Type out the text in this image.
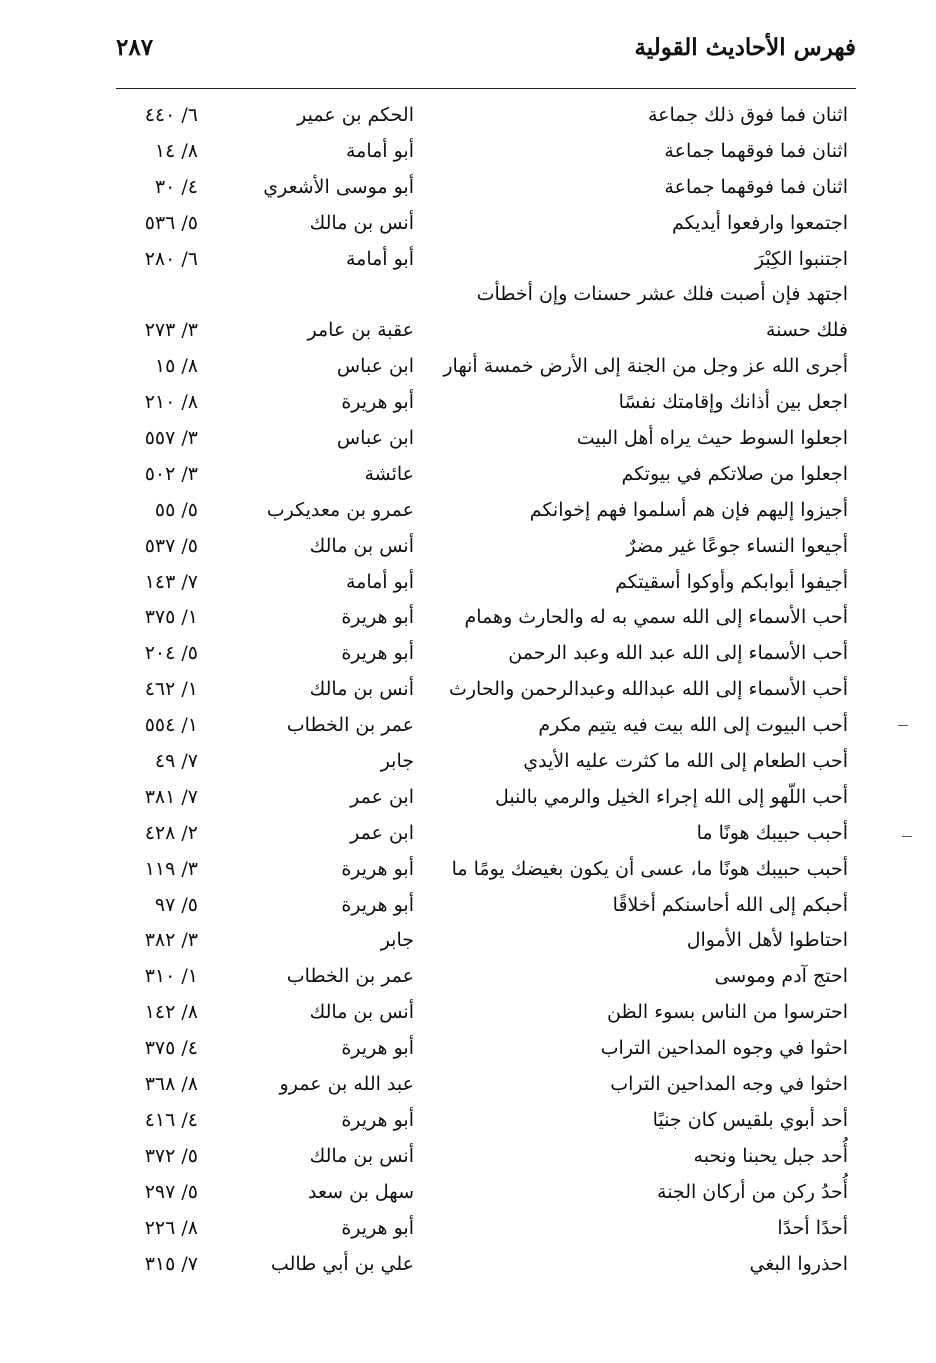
فهرس الأحاديث القولية
٢٨٧
اثنان فما فوق ذلك جماعة
الحكم بن عمير
٦/ ٤٤٠
اثنان فما فوقهما جماعة
أبو أمامة
٨/ ١٤
اثنان فما فوقهما جماعة
أبو موسى الأشعري
٤/ ٣٠
اجتمعوا وارفعوا أيديكم
أنس بن مالك
٥/ ٥٣٦
اجتنبوا الكِبْرَ
أبو أمامة
٦/ ٢٨٠
اجتهد فإن أصبت فلك عشر حسنات وإن أخطأت
فلك حسنة
عقبة بن عامر
٣/ ٢٧٣
أجرى الله عز وجل من الجنة إلى الأرض خمسة أنهار
ابن عباس
٨/ ١٥
اجعل بين أذانك وإقامتك نفسًا
أبو هريرة
٨/ ٢١٠
اجعلوا السوط حيث يراه أهل البيت
ابن عباس
٣/ ٥٥٧
اجعلوا من صلاتكم في بيوتكم
عائشة
٣/ ٥٠٢
أجيزوا إليهم فإن هم أسلموا فهم إخوانكم
عمرو بن معديكرب
٥/ ٥٥
أجيعوا النساء جوعًا غير مضرٌ
أنس بن مالك
٥/ ٥٣٧
أجيفوا أبوابكم وأوكوا أسقيتكم
أبو أمامة
٧/ ١٤٣
أحب الأسماء إلى الله سمي به له والحارث وهمام
أبو هريرة
١/ ٣٧٥
أحب الأسماء إلى الله عبد الله وعبد الرحمن
أبو هريرة
٥/ ٢٠٤
أحب الأسماء إلى الله عبدالله وعبدالرحمن والحارث
أنس بن مالك
١/ ٤٦٢
أحب البيوت إلى الله بيت فيه يتيم مكرم
عمر بن الخطاب
١/ ٥٥٤
أحب الطعام إلى الله ما كثرت عليه الأيدي
جابر
٧/ ٤٩
أحب اللّهو إلى الله إجراء الخيل والرمي بالنبل
ابن عمر
٧/ ٣٨١
أحبب حبيبك هونًا ما
ابن عمر
٢/ ٤٢٨
أحبب حبيبك هونًا ما، عسى أن يكون بغيضك يومًا ما
أبو هريرة
٣/ ١١٩
أحبكم إلى الله أحاسنكم أخلاقًا
أبو هريرة
٥/ ٩٧
احتاطوا لأهل الأموال
جابر
٣/ ٣٨٢
احتج آدم وموسى
عمر بن الخطاب
١/ ٣١٠
احترسوا من الناس بسوء الظن
أنس بن مالك
٨/ ١٤٢
احثوا في وجوه المداحين التراب
أبو هريرة
٤/ ٣٧٥
احثوا في وجه المداحين التراب
عبد الله بن عمرو
٨/ ٣٦٨
أحد أبوي بلقيس كان جنيًا
أبو هريرة
٤/ ٤١٦
أُحد جبل يحبنا ونحبه
أنس بن مالك
٥/ ٣٧٢
أُحدُ ركن من أركان الجنة
سهل بن سعد
٥/ ٢٩٧
أحدًا أحدًا
أبو هريرة
٨/ ٢٢٦
احذروا البغي
علي بن أبي طالب
٧/ ٣١٥
